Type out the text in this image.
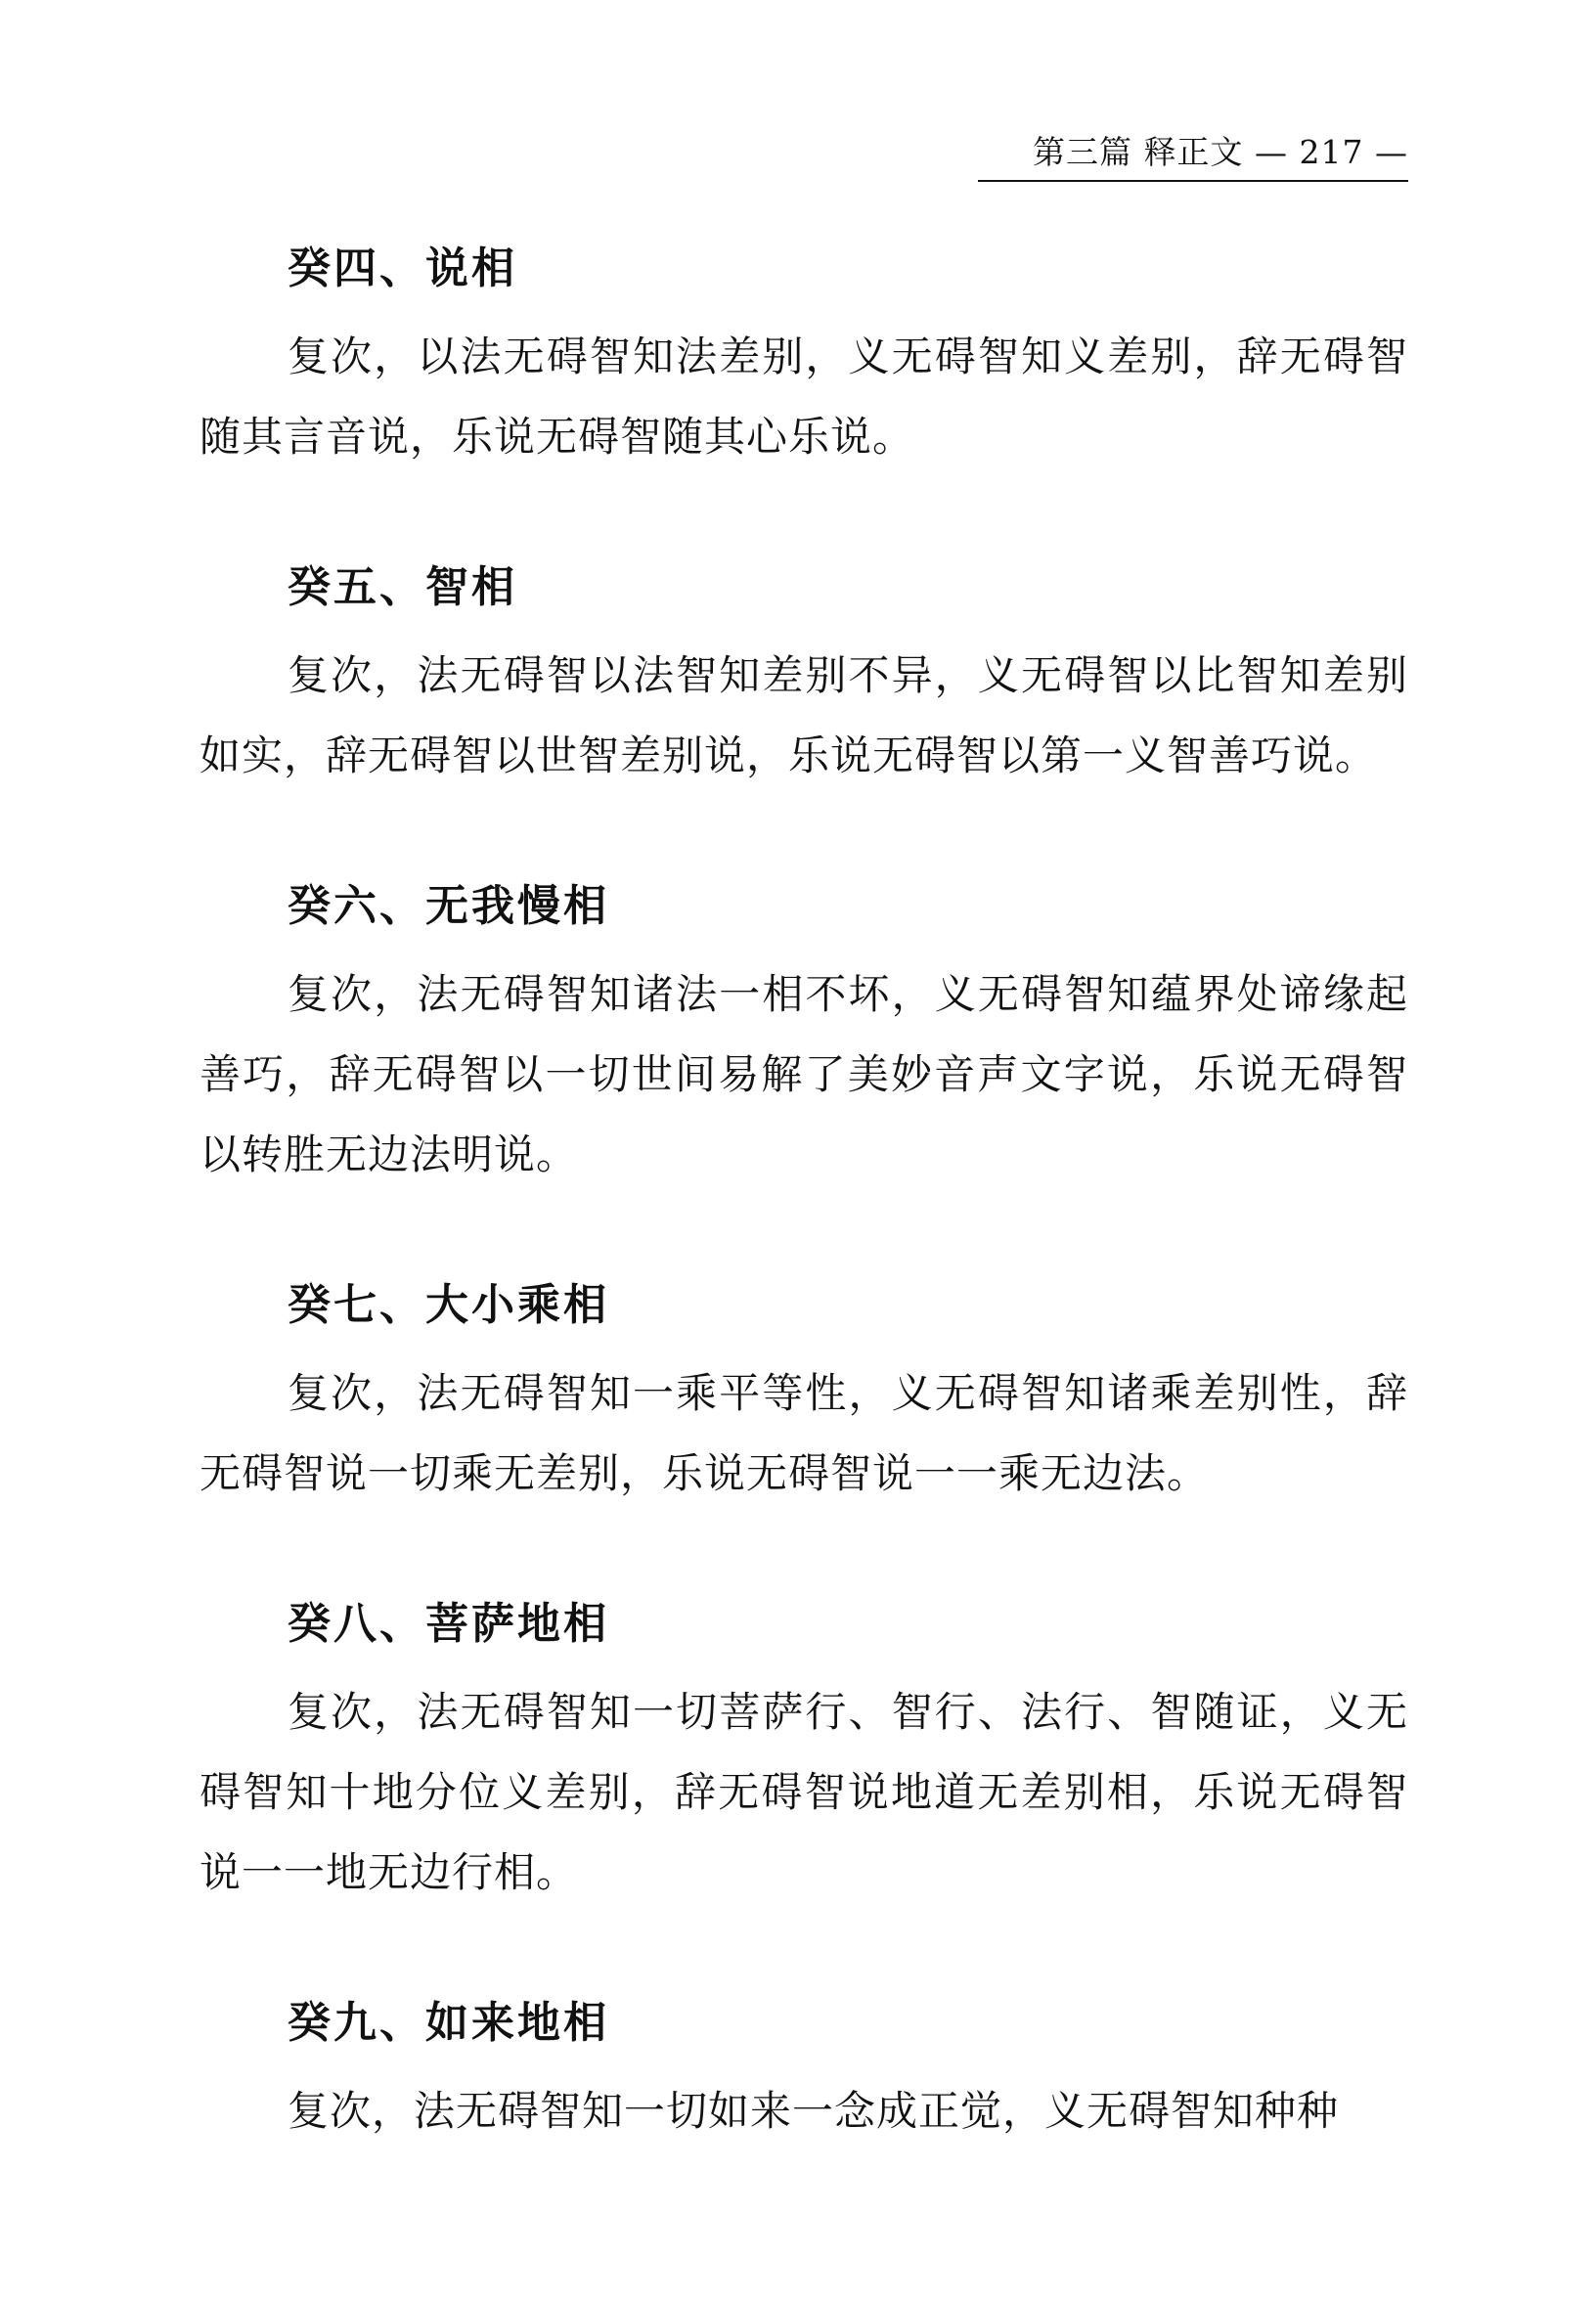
第三篇 释正文 — 217 —
癸四、说相

复次，以法无碍智知法差别，义无碍智知义差别，辞无碍智随其言音说，乐说无碍智随其心乐说。

癸五、智相

复次，法无碍智以法智知差别不异，义无碍智以比智知差别如实，辞无碍智以世智差别说，乐说无碍智以第一义智善巧说。

癸六、无我慢相

复次，法无碍智知诸法一相不坏，义无碍智知蕴界处谛缘起善巧，辞无碍智以一切世间易解了美妙音声文字说，乐说无碍智以转胜无边法明说。

癸七、大小乘相

复次，法无碍智知一乘平等性，义无碍智知诸乘差别性，辞无碍智说一切乘无差别，乐说无碍智说一一乘无边法。

癸八、菩萨地相

复次，法无碍智知一切菩萨行、智行、法行、智随证，义无碍智知十地分位义差别，辞无碍智说地道无差别相，乐说无碍智说一一地无边行相。

癸九、如来地相

复次，法无碍智知一切如来一念成正觉，义无碍智知种种
